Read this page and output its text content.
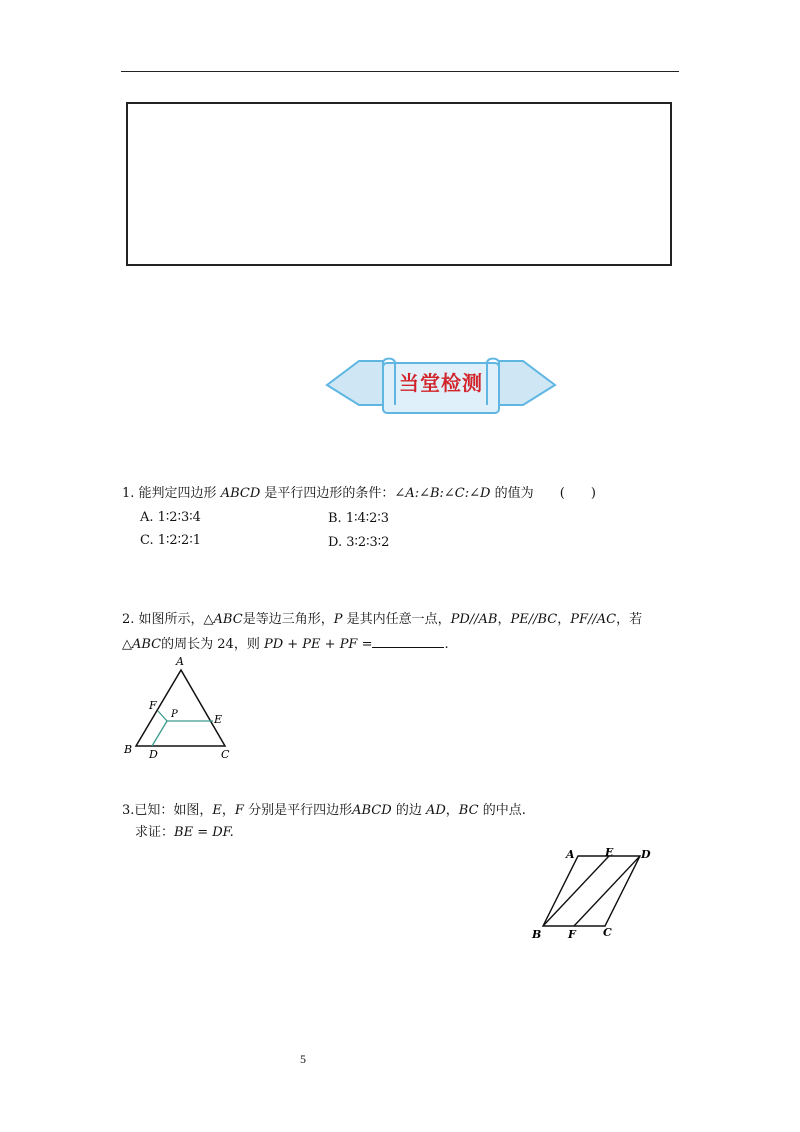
当堂检测
1. 能判定四边形 ABCD 是平行四边形的条件：∠A:∠B:∠C:∠D 的值为 (　　)
A. 1∶2∶3∶4	B. 1∶4∶2∶3
C. 1∶2∶2∶1	D. 3∶2∶3∶2
2. 如图所示，△ABC是等边三角形，P 是其内任意一点，PD//AB，PE//BC，PF//AC，若
△ABC的周长为 24，则 PD + PE + PF =	.
A
B	C
D
E
F
P
3.已知：如图，E，F 分别是平行四边形ABCD 的边 AD，BC 的中点.
求证：BE = DF.
A	E	D
B F C
5
